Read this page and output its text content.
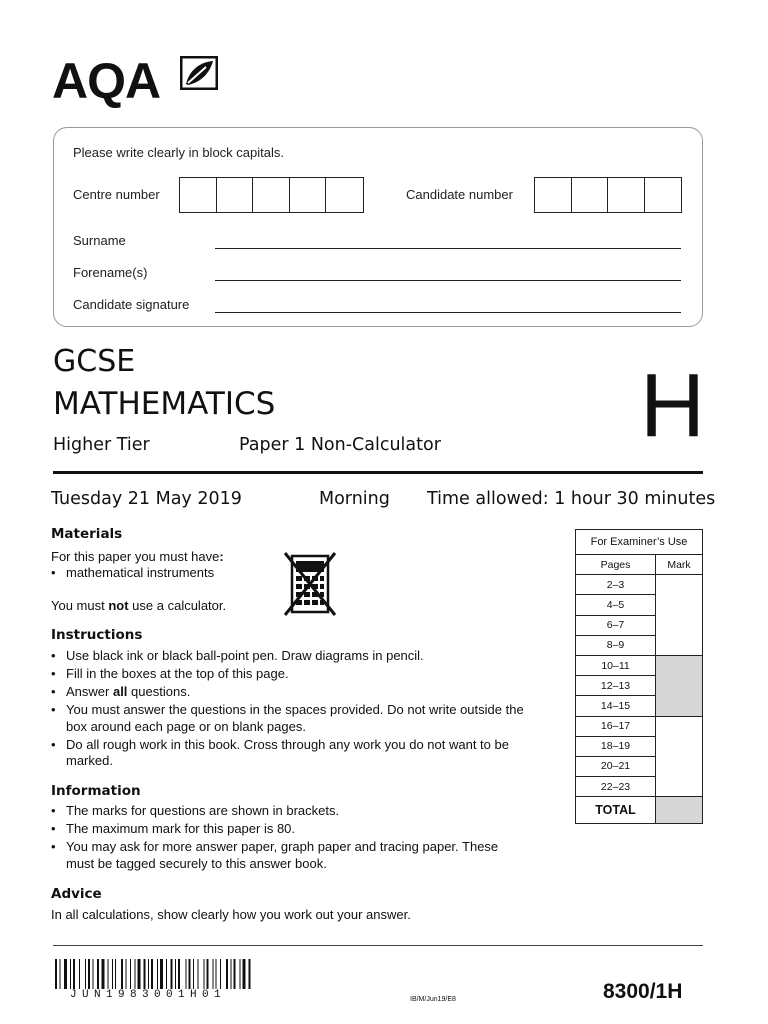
AQA
Please write clearly in block capitals.
Centre number	Candidate number
Surname
Forename(s)
Candidate signature
GCSE
MATHEMATICS
Higher Tier	Paper 1 Non-Calculator H
Tuesday 21 May 2019	Morning Time allowed: 1 hour 30 minutes
Materials
For this paper you must have:
• mathematical instruments
You must not use a calculator.
Instructions
• Use black ink or black ball-point pen. Draw diagrams in pencil.
• Fill in the boxes at the top of this page.
• Answer all questions.
• You must answer the questions in the spaces provided. Do not write outside the box around each page or on blank pages.
• Do all rough work in this book. Cross through any work you do not want to be marked.
Information
• The marks for questions are shown in brackets.
• The maximum mark for this paper is 80.
• You may ask for more answer paper, graph paper and tracing paper. These must be tagged securely to this answer book.
Advice
In all calculations, show clearly how you work out your answer.
For Examiner’s Use	
Pages	Mark
2–3	
4–5	
6–7	
8–9	
10–11	
12–13	
14–15	
16–17	
18–19	
20–21	
22–23	
TOTAL	
JUN1983001H01	IB/M/Jun19/E8	8300/1H
